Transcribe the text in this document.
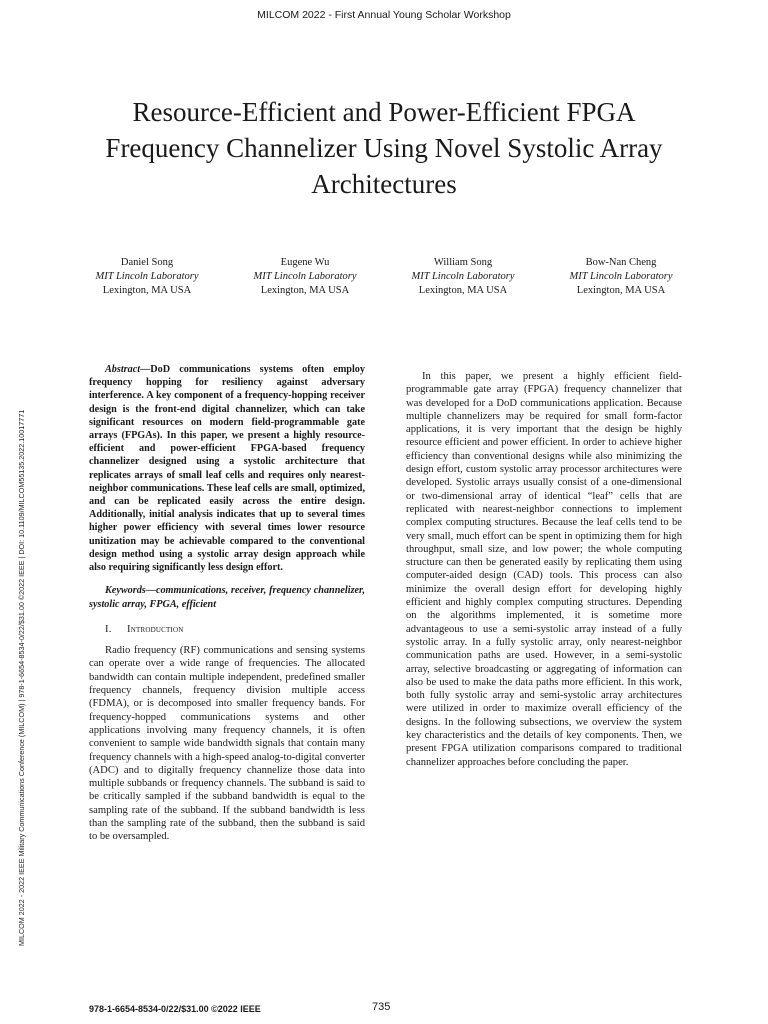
MILCOM 2022 - First Annual Young Scholar Workshop
MILCOM 2022 - 2022 IEEE Military Communications Conference (MILCOM) | 978-1-6654-8534-0/22/$31.00 ©2022 IEEE | DOI: 10.1109/MILCOM55135.2022.10017771
Resource-Efficient and Power-Efficient FPGA Frequency Channelizer Using Novel Systolic Array Architectures
Daniel Song
MIT Lincoln Laboratory
Lexington, MA USA
Eugene Wu
MIT Lincoln Laboratory
Lexington, MA USA
William Song
MIT Lincoln Laboratory
Lexington, MA USA
Bow-Nan Cheng
MIT Lincoln Laboratory
Lexington, MA USA

Abstract—DoD communications systems often employ frequency hopping for resiliency against adversary interference. A key component of a frequency-hopping receiver design is the front-end digital channelizer, which can take significant resources on modern field-programmable gate arrays (FPGAs). In this paper, we present a highly resource-efficient and power-efficient FPGA-based frequency channelizer designed using a systolic architecture that replicates arrays of small leaf cells and requires only nearest-neighbor communications. These leaf cells are small, optimized, and can be replicated easily across the entire design. Additionally, initial analysis indicates that up to several times higher power efficiency with several times lower resource unitization may be achievable compared to the conventional design method using a systolic array design approach while also requiring significantly less design effort.

Keywords—communications, receiver, frequency channelizer, systolic array, FPGA, efficient

I. Introduction

Radio frequency (RF) communications and sensing systems can operate over a wide range of frequencies. The allocated bandwidth can contain multiple independent, predefined smaller frequency channels, frequency division multiple access (FDMA), or is decomposed into smaller frequency bands. For frequency-hopped communications systems and other applications involving many frequency channels, it is often convenient to sample wide bandwidth signals that contain many frequency channels with a high-speed analog-to-digital converter (ADC) and to digitally frequency channelize those data into multiple subbands or frequency channels. The subband is said to be critically sampled if the subband bandwidth is equal to the sampling rate of the subband. If the subband bandwidth is less than the sampling rate of the subband, then the subband is said to be oversampled.

In this paper, we present a highly efficient field-programmable gate array (FPGA) frequency channelizer that was developed for a DoD communications application. Because multiple channelizers may be required for small form-factor applications, it is very important that the design be highly resource efficient and power efficient. In order to achieve higher efficiency than conventional designs while also minimizing the design effort, custom systolic array processor architectures were developed. Systolic arrays usually consist of a one-dimensional or two-dimensional array of identical “leaf” cells that are replicated with nearest-neighbor connections to implement complex computing structures. Because the leaf cells tend to be very small, much effort can be spent in optimizing them for high throughput, small size, and low power; the whole computing structure can then be generated easily by replicating them using computer-aided design (CAD) tools. This process can also minimize the overall design effort for developing highly efficient and highly complex computing structures. Depending on the algorithms implemented, it is sometime more advantageous to use a semi-systolic array instead of a fully systolic array. In a fully systolic array, only nearest-neighbor communication paths are used. However, in a semi-systolic array, selective broadcasting or aggregating of information can also be used to make the data paths more efficient. In this work, both fully systolic array and semi-systolic array architectures were utilized in order to maximize overall efficiency of the designs. In the following subsections, we overview the system key characteristics and the details of key components. Then, we present FPGA utilization comparisons compared to traditional channelizer approaches before concluding the paper.

978-1-6654-8534-0/22/$31.00 ©2022 IEEE	735
